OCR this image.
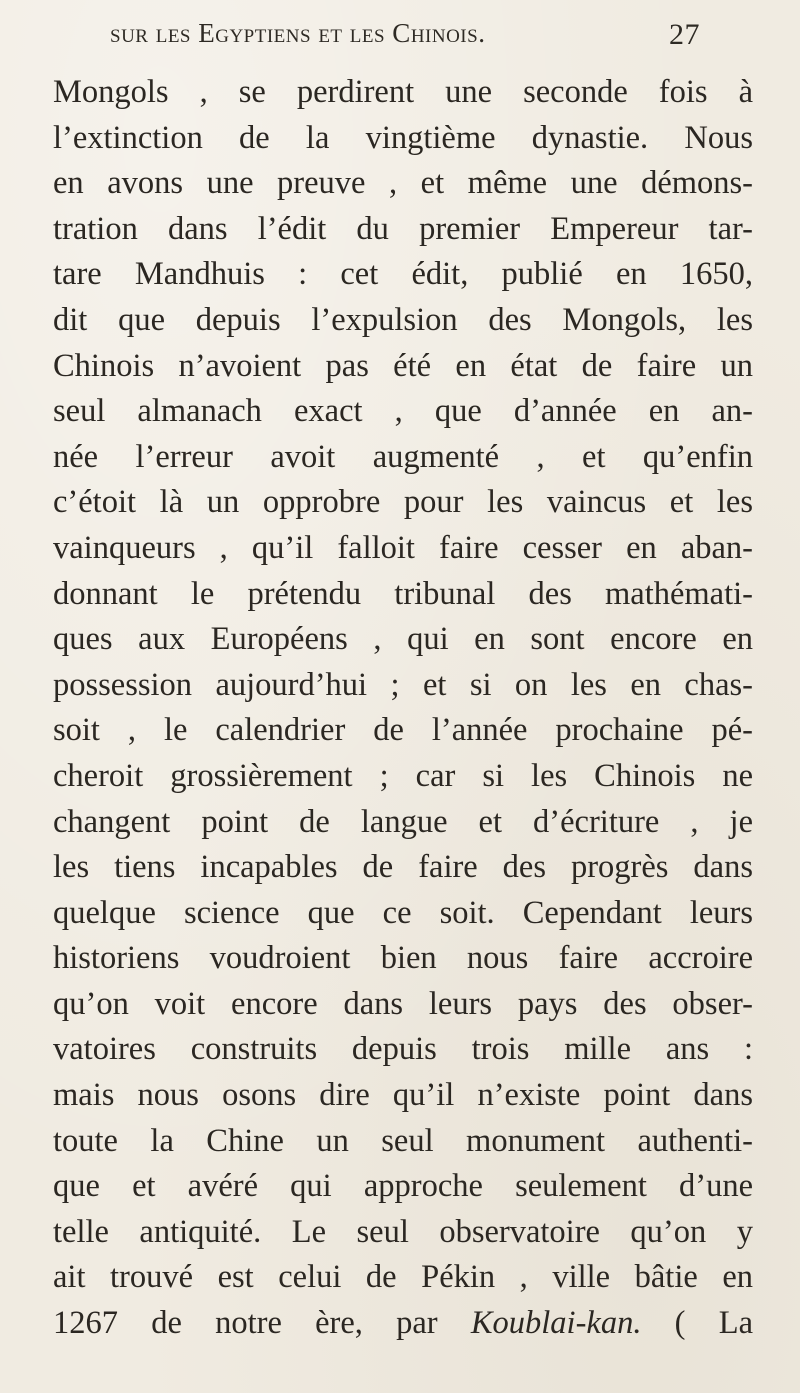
sur les Egyptiens et les Chinois.	27
Mongols , se perdirent une seconde fois à
l’extinction de la vingtième dynastie. Nous
en avons une preuve , et même une démons-
tration dans l’édit du premier Empereur tar-
tare Mandhuis : cet édit, publié en 1650,
dit que depuis l’expulsion des Mongols, les
Chinois n’avoient pas été en état de faire un
seul almanach exact , que d’année en an-
née l’erreur avoit augmenté , et qu’enfin
c’étoit là un opprobre pour les vaincus et les
vainqueurs , qu’il falloit faire cesser en aban-
donnant le prétendu tribunal des mathémati-
ques aux Européens , qui en sont encore en
possession aujourd’hui ; et si on les en chas-
soit , le calendrier de l’année prochaine pé-
cheroit grossièrement ; car si les Chinois ne
changent point de langue et d’écriture , je
les tiens incapables de faire des progrès dans
quelque science que ce soit. Cependant leurs
historiens voudroient bien nous faire accroire
qu’on voit encore dans leurs pays des obser-
vatoires construits depuis trois mille ans :
mais nous osons dire qu’il n’existe point dans
toute la Chine un seul monument authenti-
que et avéré qui approche seulement d’une
telle antiquité. Le seul observatoire qu’on y
ait trouvé est celui de Pékin , ville bâtie en
1267 de notre ère, par Koublai-kan. ( La
